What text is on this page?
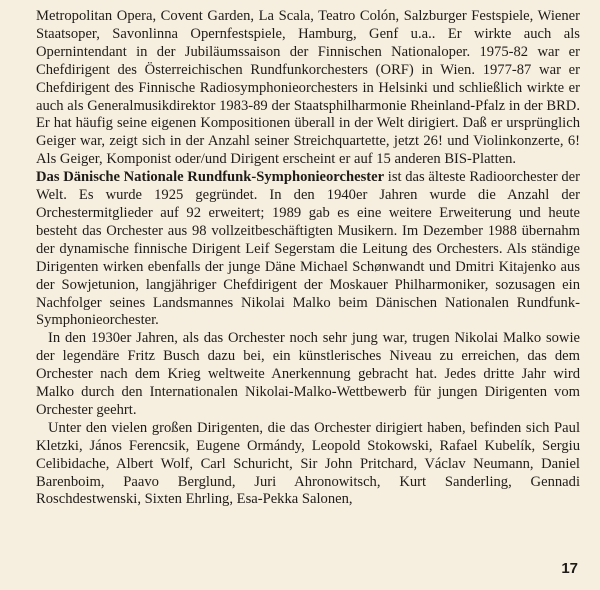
Metropolitan Opera, Covent Garden, La Scala, Teatro Colón, Salzburger Festspiele, Wiener Staatsoper, Savonlinna Opernfestspiele, Hamburg, Genf u.a.. Er wirkte auch als Opernintendant in der Jubiläumssaison der Finnischen Nationaloper. 1975-82 war er Chefdirigent des Österreichischen Rundfunkorchesters (ORF) in Wien. 1977-87 war er Chefdirigent des Finnische Radiosymphonieorchesters in Helsinki und schließlich wirkte er auch als Generalmusikdirektor 1983-89 der Staatsphilharmonie Rheinland-Pfalz in der BRD. Er hat häufig seine eigenen Kompositionen überall in der Welt dirigiert. Daß er ursprünglich Geiger war, zeigt sich in der Anzahl seiner Streichquartette, jetzt 26! und Violinkonzerte, 6! Als Geiger, Komponist oder/und Dirigent erscheint er auf 15 anderen BIS-Platten.

Das Dänische Nationale Rundfunk-Symphonieorchester ist das älteste Radioorchester der Welt. Es wurde 1925 gegründet. In den 1940er Jahren wurde die Anzahl der Orchestermitglieder auf 92 erweitert; 1989 gab es eine weitere Erweiterung und heute besteht das Orchester aus 98 vollzeitbeschäftigten Musikern. Im Dezember 1988 übernahm der dynamische finnische Dirigent Leif Segerstam die Leitung des Orchesters. Als ständige Dirigenten wirken ebenfalls der junge Däne Michael Schønwandt und Dmitri Kitajenko aus der Sowjetunion, langjähriger Chefdirigent der Moskauer Philharmoniker, sozusagen ein Nachfolger seines Landsmannes Nikolai Malko beim Dänischen Nationalen Rundfunk-Symphonieorchester.

In den 1930er Jahren, als das Orchester noch sehr jung war, trugen Nikolai Malko sowie der legendäre Fritz Busch dazu bei, ein künstlerisches Niveau zu erreichen, das dem Orchester nach dem Krieg weltweite Anerkennung gebracht hat. Jedes dritte Jahr wird Malko durch den Internationalen Nikolai-Malko-Wettbewerb für jungen Dirigenten vom Orchester geehrt.

Unter den vielen großen Dirigenten, die das Orchester dirigiert haben, befinden sich Paul Kletzki, János Ferencsik, Eugene Ormándy, Leopold Stokowski, Rafael Kubelík, Sergiu Celibidache, Albert Wolf, Carl Schuricht, Sir John Pritchard, Václav Neumann, Daniel Barenboim, Paavo Berglund, Juri Ahronowitsch, Kurt Sanderling, Gennadi Roschdestwenski, Sixten Ehrling, Esa-Pekka Salonen,

17
